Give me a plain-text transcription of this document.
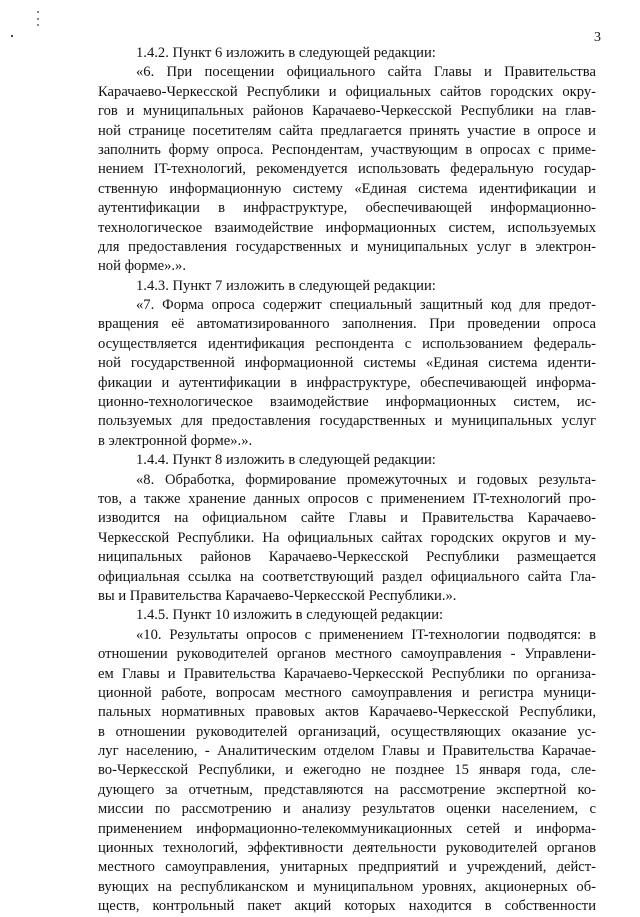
3
1.4.2. Пункт 6 изложить в следующей редакции:
«6. При посещении официального сайта Главы и Правительства
Карачаево-Черкесской Республики и официальных сайтов городских окру-
гов и муниципальных районов Карачаево-Черкесской Республики на глав-
ной странице посетителям сайта предлагается принять участие в опросе и
заполнить форму опроса. Респондентам, участвующим в опросах с приме-
нением IT-технологий, рекомендуется использовать федеральную государ-
ственную информационную систему «Единая система идентификации и
аутентификации в инфраструктуре, обеспечивающей информационно-
технологическое взаимодействие информационных систем, используемых
для предоставления государственных и муниципальных услуг в электрон-
ной форме».».
1.4.3. Пункт 7 изложить в следующей редакции:
«7. Форма опроса содержит специальный защитный код для предот-
вращения её автоматизированного заполнения. При проведении опроса
осуществляется идентификация респондента с использованием федераль-
ной государственной информационной системы «Единая система иденти-
фикации и аутентификации в инфраструктуре, обеспечивающей информа-
ционно-технологическое взаимодействие информационных систем, ис-
пользуемых для предоставления государственных и муниципальных услуг
в электронной форме».».
1.4.4. Пункт 8 изложить в следующей редакции:
«8. Обработка, формирование промежуточных и годовых результа-
тов, а также хранение данных опросов с применением IT-технологий про-
изводится на официальном сайте Главы и Правительства Карачаево-
Черкесской Республики. На официальных сайтах городских округов и му-
ниципальных районов Карачаево-Черкесской Республики размещается
официальная ссылка на соответствующий раздел официального сайта Гла-
вы и Правительства Карачаево-Черкесской Республики.».
1.4.5. Пункт 10 изложить в следующей редакции:
«10. Результаты опросов с применением IT-технологии подводятся: в
отношении руководителей органов местного самоуправления - Управлени-
ем Главы и Правительства Карачаево-Черкесской Республики по организа-
ционной работе, вопросам местного самоуправления и регистра муници-
пальных нормативных правовых актов Карачаево-Черкесской Республики,
в отношении руководителей организаций, осуществляющих оказание ус-
луг населению, - Аналитическим отделом Главы и Правительства Карачае-
во-Черкесской Республики, и ежегодно не позднее 15 января года, сле-
дующего за отчетным, представляются на рассмотрение экспертной ко-
миссии по рассмотрению и анализу результатов оценки населением, с
применением информационно-телекоммуникационных сетей и информа-
ционных технологий, эффективности деятельности руководителей органов
местного самоуправления, унитарных предприятий и учреждений, дейст-
вующих на республиканском и муниципальном уровнях, акционерных об-
ществ, контрольный пакет акций которых находится в собственности
